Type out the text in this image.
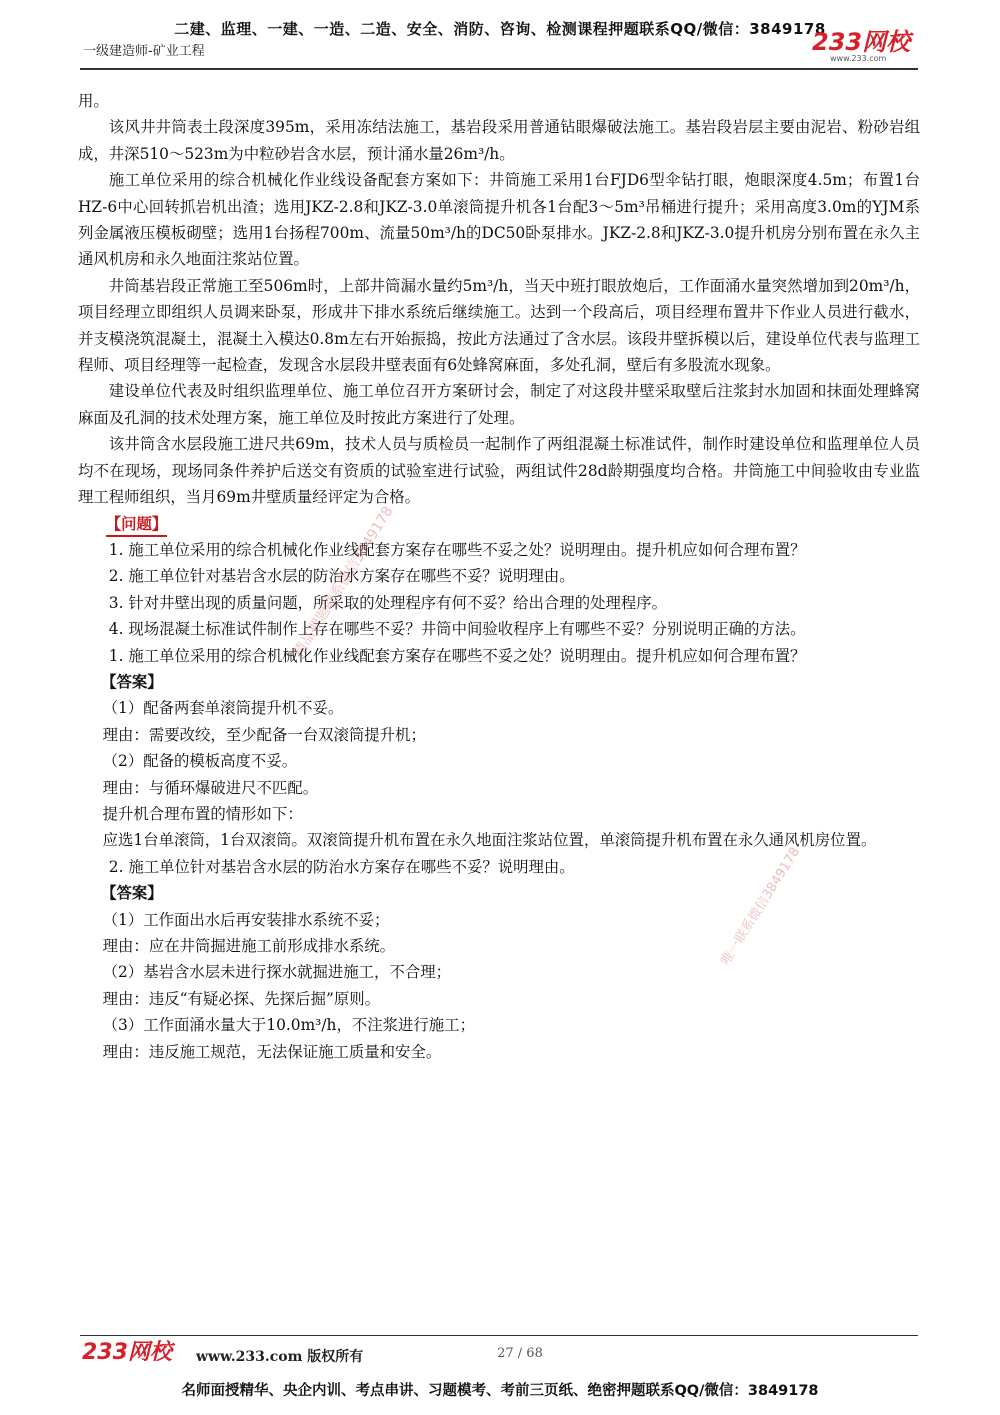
二建、监理、一建、一造、二造、安全、消防、咨询、检测课程押题联系QQ/微信：3849178
一级建造师-矿业工程	233网校
www.233.com

用。

该风井井筒表土段深度395m，采用冻结法施工，基岩段采用普通钻眼爆破法施工。基岩段岩层主要由泥岩、粉砂岩组成，井深510～523m为中粒砂岩含水层，预计涌水量26m³/h。

施工单位采用的综合机械化作业线设备配套方案如下：井筒施工采用1台FJD6型伞钻打眼，炮眼深度4.5m；布置1台HZ-6中心回转抓岩机出渣；选用JKZ-2.8和JKZ-3.0单滚筒提升机各1台配3～5m³吊桶进行提升；采用高度3.0m的YJM系列金属液压模板砌壁；选用1台扬程700m、流量50m³/h的DC50卧泵排水。JKZ-2.8和JKZ-3.0提升机房分别布置在永久主通风机房和永久地面注浆站位置。

井筒基岩段正常施工至506m时，上部井筒漏水量约5m³/h，当天中班打眼放炮后，工作面涌水量突然增加到20m³/h，项目经理立即组织人员调来卧泵，形成井下排水系统后继续施工。达到一个段高后，项目经理布置井下作业人员进行截水，并支模浇筑混凝土，混凝土入模达0.8m左右开始振捣，按此方法通过了含水层。该段井壁拆模以后，建设单位代表与监理工程师、项目经理等一起检查，发现含水层段井壁表面有6处蜂窝麻面，多处孔洞，壁后有多股流水现象。

建设单位代表及时组织监理单位、施工单位召开方案研讨会，制定了对这段井壁采取壁后注浆封水加固和抹面处理蜂窝麻面及孔洞的技术处理方案，施工单位及时按此方案进行了处理。

该井筒含水层段施工进尺共69m，技术人员与质检员一起制作了两组混凝土标准试件，制作时建设单位和监理单位人员均不在现场，现场同条件养护后送交有资质的试验室进行试验，两组试件28d龄期强度均合格。井筒施工中间验收由专业监理工程师组织，当月69m井壁质量经评定为合格。

【问题】

1. 施工单位采用的综合机械化作业线配套方案存在哪些不妥之处？说明理由。提升机应如何合理布置？

2. 施工单位针对基岩含水层的防治水方案存在哪些不妥？说明理由。

3. 针对井壁出现的质量问题，所采取的处理程序有何不妥？给出合理的处理程序。

4. 现场混凝土标准试件制作上存在哪些不妥？井筒中间验收程序上有哪些不妥？分别说明正确的方法。

1. 施工单位采用的综合机械化作业线配套方案存在哪些不妥之处？说明理由。提升机应如何合理布置？

【答案】

（1）配备两套单滚筒提升机不妥。

理由：需要改绞，至少配备一台双滚筒提升机；

（2）配备的模板高度不妥。

理由：与循环爆破进尺不匹配。

提升机合理布置的情形如下：

应选1台单滚筒，1台双滚筒。双滚筒提升机布置在永久地面注浆站位置，单滚筒提升机布置在永久通风机房位置。

2. 施工单位针对基岩含水层的防治水方案存在哪些不妥？说明理由。

【答案】

（1）工作面出水后再安装排水系统不妥；

理由：应在井筒掘进施工前形成排水系统。

（2）基岩含水层未进行探水就掘进施工，不合理；

理由：违反“有疑必探、先探后掘”原则。

（3）工作面涌水量大于10.0m³/h，不注浆进行施工；

理由：违反施工规范，无法保证施工质量和安全。

精品押题联系微信3849178
唯一联系微信3849178
233网校 www.233.com 版权所有	27 / 68
名师面授精华、央企内训、考点串讲、习题模考、考前三页纸、绝密押题联系QQ/微信：3849178
